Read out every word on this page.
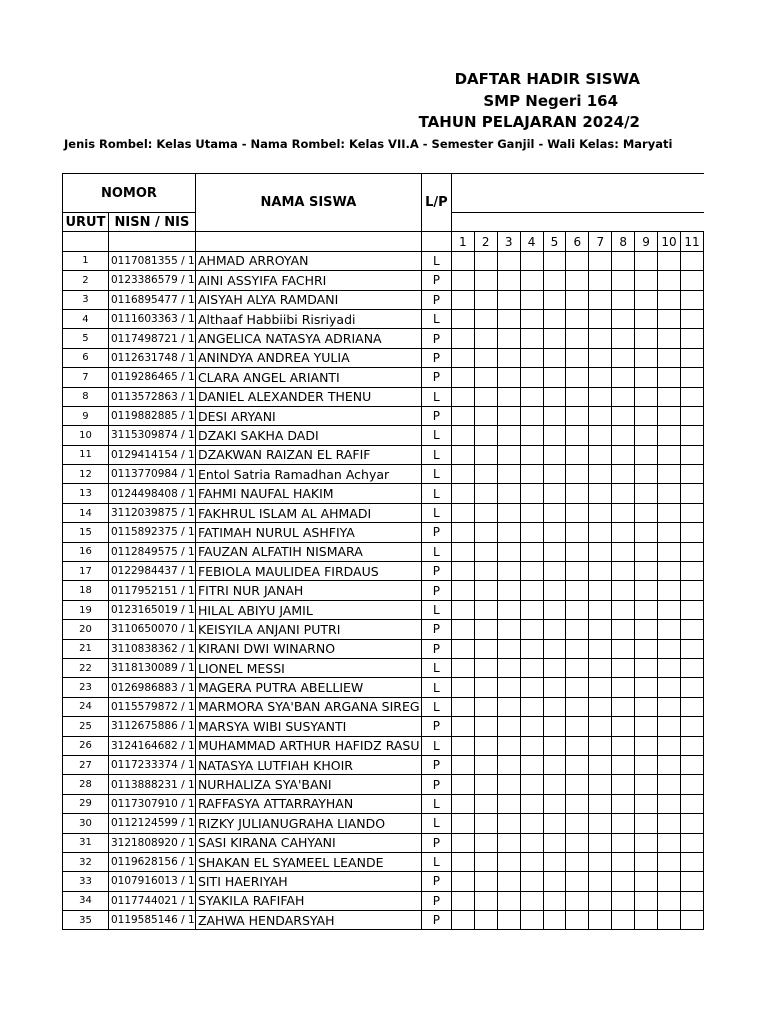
DAFTAR HADIR SISWA
SMP Negeri 164
TAHUN PELAJARAN 2024/2
Jenis Rombel: Kelas Utama - Nama Rombel: Kelas VII.A - Semester Ganjil - Wali Kelas: Maryati
NOMOR		NAMA SISWA	L/P											
URUT	NISN / NIS													
				1	2	3	4	5	6	7	8	9	10	11
1	0117081355 / 1	AHMAD ARROYAN	L											
2	0123386579 / 1	AINI ASSYIFA FACHRI	P											
3	0116895477 / 1	AISYAH ALYA RAMDANI	P											
4	0111603363 / 1	Althaaf Habbiibi Risriyadi	L											
5	0117498721 / 1	ANGELICA NATASYA ADRIANA	P											
6	0112631748 / 1	ANINDYA ANDREA YULIA	P											
7	0119286465 / 1	CLARA ANGEL ARIANTI	P											
8	0113572863 / 1	DANIEL ALEXANDER THENU	L											
9	0119882885 / 1	DESI ARYANI	P											
10	3115309874 / 1	DZAKI SAKHA DADI	L											
11	0129414154 / 1	DZAKWAN RAIZAN EL RAFIF	L											
12	0113770984 / 1	Entol Satria Ramadhan Achyar	L											
13	0124498408 / 1	FAHMI NAUFAL HAKIM	L											
14	3112039875 / 1	FAKHRUL ISLAM AL AHMADI	L											
15	0115892375 / 1	FATIMAH NURUL ASHFIYA	P											
16	0112849575 / 1	FAUZAN ALFATIH NISMARA	L											
17	0122984437 / 1	FEBIOLA MAULIDEA FIRDAUS	P											
18	0117952151 / 1	FITRI NUR JANAH	P											
19	0123165019 / 1	HILAL ABIYU JAMIL	L											
20	3110650070 / 1	KEISYILA ANJANI PUTRI	P											
21	3110838362 / 1	KIRANI DWI WINARNO	P											
22	3118130089 / 1	LIONEL MESSI	L											
23	0126986883 / 1	MAGERA PUTRA ABELLIEW	L											
24	0115579872 / 1	MARMORA SYA'BAN ARGANA SIREG	L											
25	3112675886 / 1	MARSYA WIBI SUSYANTI	P											
26	3124164682 / 1	MUHAMMAD ARTHUR HAFIDZ RASU	L											
27	0117233374 / 1	NATASYA LUTFIAH KHOIR	P											
28	0113888231 / 1	NURHALIZA SYA'BANI	P											
29	0117307910 / 1	RAFFASYA ATTARRAYHAN	L											
30	0112124599 / 1	RIZKY JULIANUGRAHA LIANDO	L											
31	3121808920 / 1	SASI KIRANA CAHYANI	P											
32	0119628156 / 1	SHAKAN EL SYAMEEL LEANDE	L											
33	0107916013 / 1	SITI HAERIYAH	P											
34	0117744021 / 1	SYAKILA RAFIFAH	P											
35	0119585146 / 1	ZAHWA HENDARSYAH	P											
